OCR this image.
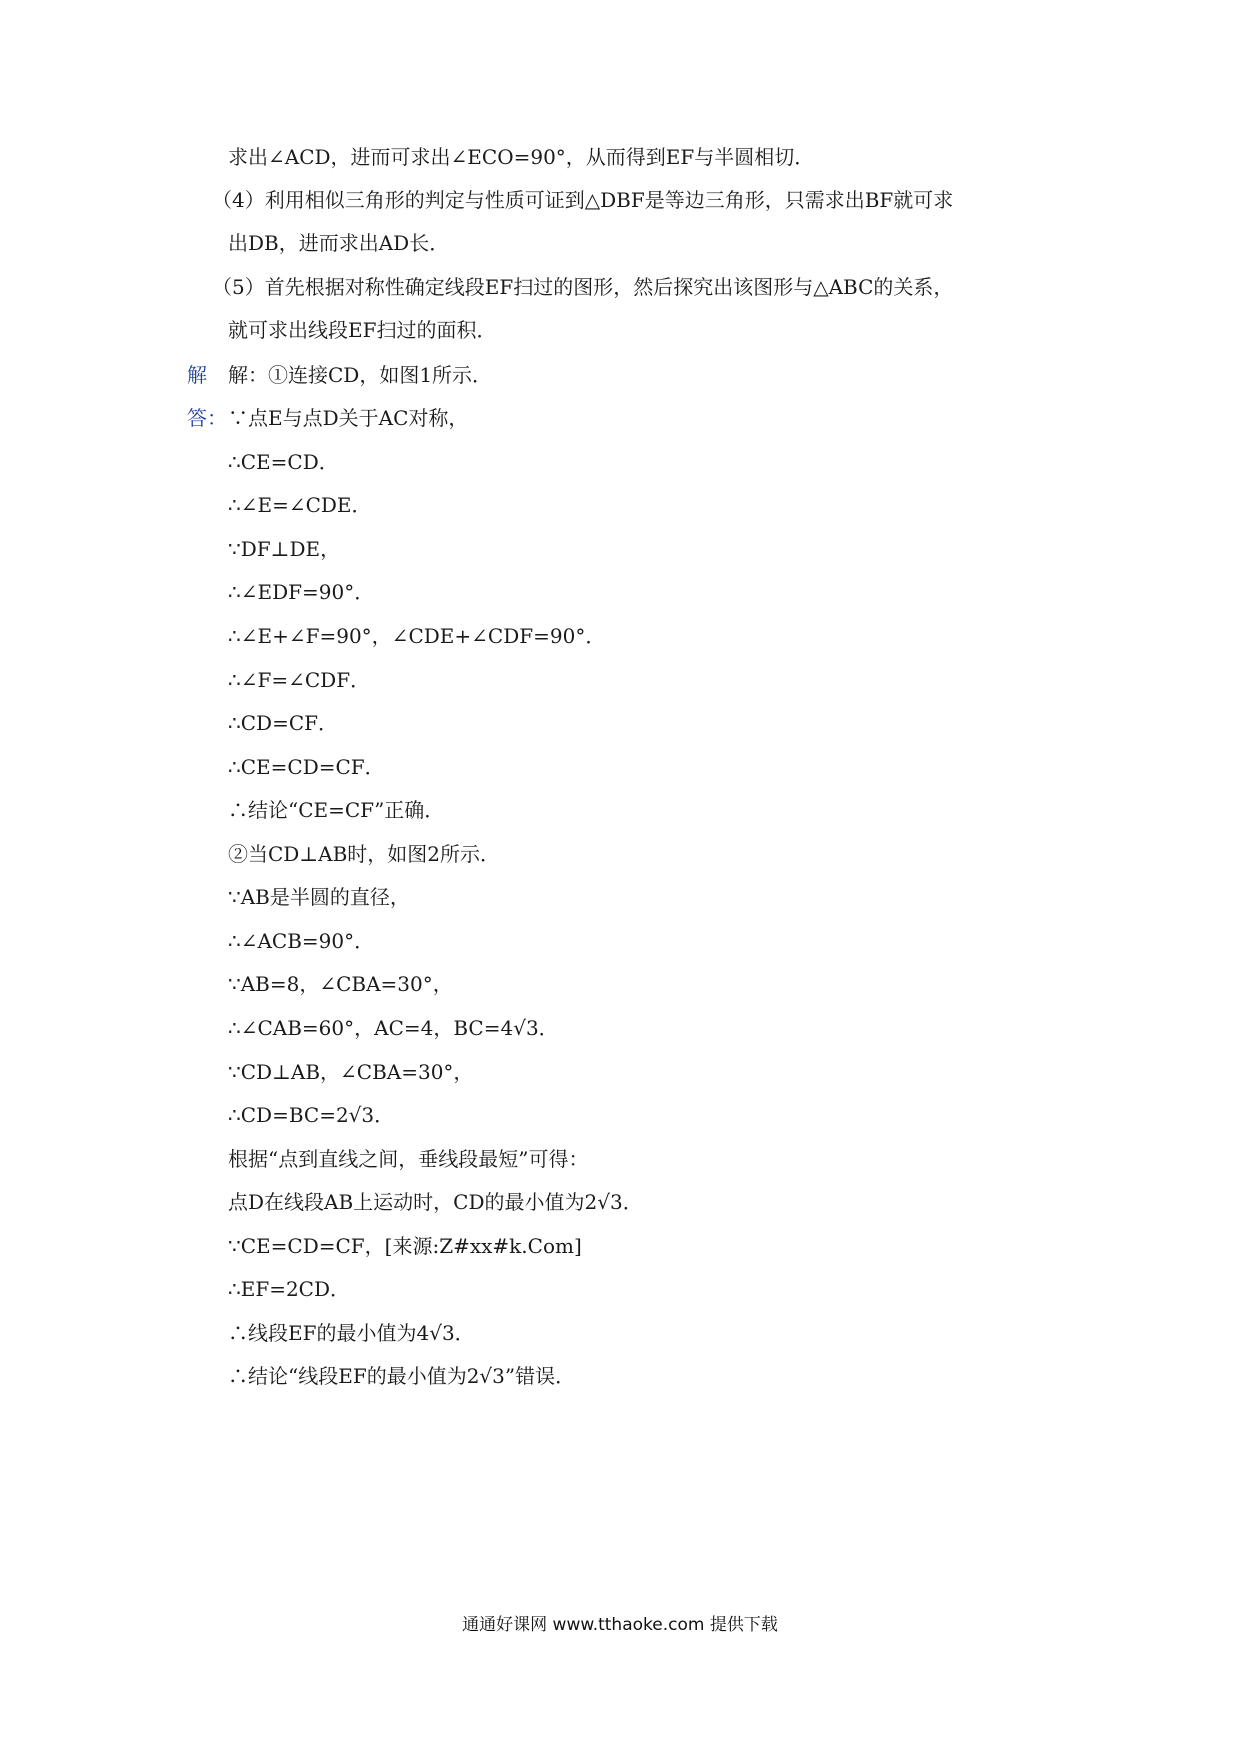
求出∠ACD，进而可求出∠ECO=90°，从而得到EF与半圆相切．
（4）利用相似三角形的判定与性质可证到△DBF是等边三角形，只需求出BF就可求
出DB，进而求出AD长．
（5）首先根据对称性确定线段EF扫过的图形，然后探究出该图形与△ABC的关系，
就可求出线段EF扫过的面积．
解
答：
解：①连接CD，如图1所示．
∵点E与点D关于AC对称，
∴CE=CD．
∴∠E=∠CDE．
∵DF⊥DE，
∴∠EDF=90°．
∴∠E+∠F=90°，∠CDE+∠CDF=90°．
∴∠F=∠CDF．
∴CD=CF．
∴CE=CD=CF．
∴结论“CE=CF”正确．
②当CD⊥AB时，如图2所示．
∵AB是半圆的直径，
∴∠ACB=90°．
∵AB=8，∠CBA=30°，
∴∠CAB=60°，AC=4，BC=4√3．
∵CD⊥AB，∠CBA=30°，
∴CD=BC=2√3．
根据“点到直线之间，垂线段最短”可得：
点D在线段AB上运动时，CD的最小值为2√3．
∵CE=CD=CF，[来源:Z#xx#k.Com]
∴EF=2CD．
∴线段EF的最小值为4√3．
∴结论“线段EF的最小值为2√3”错误．
通通好课网 www.tthaoke.com 提供下载
